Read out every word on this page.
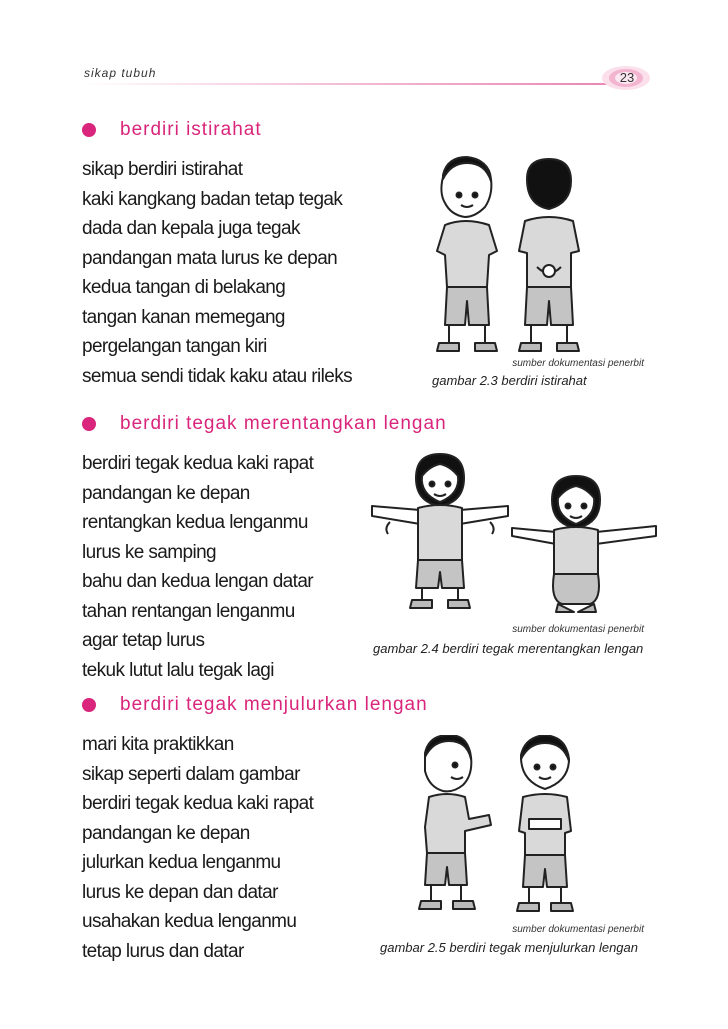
sikap tubuh	23
berdiri istirahat
sikap berdiri istirahat
kaki kangkang badan tetap tegak
dada dan kepala juga tegak
pandangan mata lurus ke depan
kedua tangan di belakang
tangan kanan memegang
pergelangan tangan kiri
semua sendi tidak kaku atau rileks
sumber dokumentasi penerbit
gambar 2.3 berdiri istirahat
berdiri tegak merentangkan lengan
berdiri tegak kedua kaki rapat
pandangan ke depan
rentangkan kedua lenganmu
lurus ke samping
bahu dan kedua lengan datar
tahan rentangan lenganmu
agar tetap lurus
tekuk lutut lalu tegak lagi
sumber dokumentasi penerbit
gambar 2.4 berdiri tegak merentangkan lengan
berdiri tegak menjulurkan lengan
mari kita praktikkan
sikap seperti dalam gambar
berdiri tegak kedua kaki rapat
pandangan ke depan
julurkan kedua lenganmu
lurus ke depan dan datar
usahakan kedua lenganmu
tetap lurus dan datar
sumber dokumentasi penerbit
gambar 2.5 berdiri tegak menjulurkan lengan
